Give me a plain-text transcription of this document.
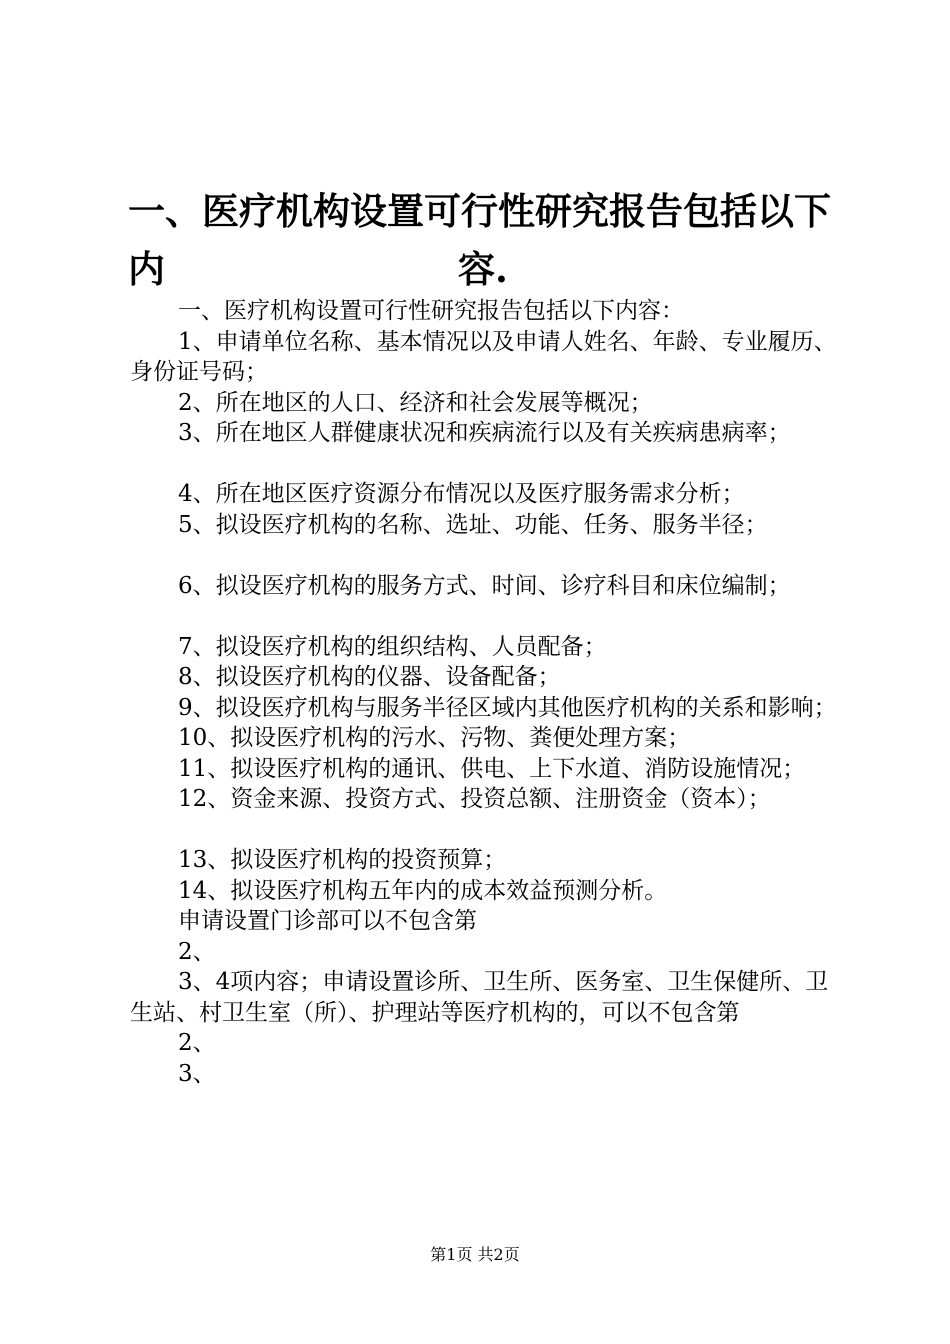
一、医疗机构设置可行性研究报告包括以下内	容.

一、医疗机构设置可行性研究报告包括以下内容：

1、申请单位名称、基本情况以及申请人姓名、年龄、专业履历、身份证号码；

2、所在地区的人口、经济和社会发展等概况；

3、所在地区人群健康状况和疾病流行以及有关疾病患病率；

4、所在地区医疗资源分布情况以及医疗服务需求分析；

5、拟设医疗机构的名称、选址、功能、任务、服务半径；

6、拟设医疗机构的服务方式、时间、诊疗科目和床位编制；

7、拟设医疗机构的组织结构、人员配备；

8、拟设医疗机构的仪器、设备配备；

9、拟设医疗机构与服务半径区域内其他医疗机构的关系和影响；

10、拟设医疗机构的污水、污物、粪便处理方案；

11、拟设医疗机构的通讯、供电、上下水道、消防设施情况；

12、资金来源、投资方式、投资总额、注册资金（资本）；

13、拟设医疗机构的投资预算；

14、拟设医疗机构五年内的成本效益预测分析。

申请设置门诊部可以不包含第

2、

3、4项内容；申请设置诊所、卫生所、医务室、卫生保健所、卫生站、村卫生室（所）、护理站等医疗机构的，可以不包含第

2、

3、

第1页 共2页
